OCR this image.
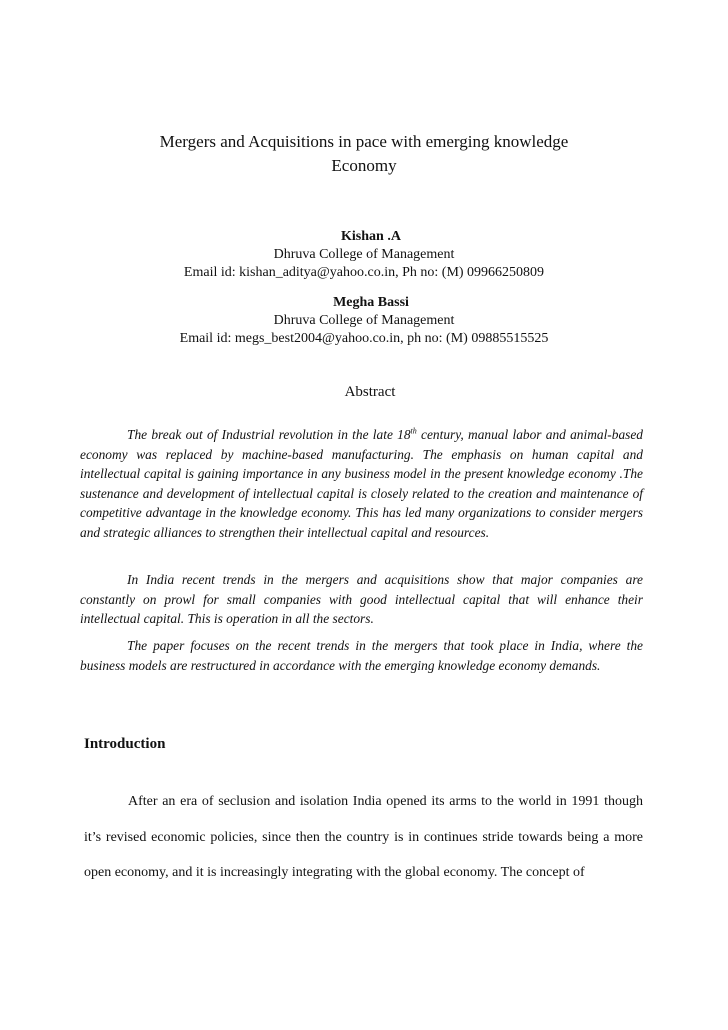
Mergers and Acquisitions in pace with emerging knowledge
Economy
Kishan .A
Dhruva College of Management
Email id: kishan_aditya@yahoo.co.in, Ph no: (M) 09966250809
Megha Bassi
Dhruva College of Management
Email id: megs_best2004@yahoo.co.in, ph no: (M) 09885515525
Abstract

The break out of Industrial revolution in the late 18th century, manual labor and animal-based economy was replaced by machine-based manufacturing. The emphasis on human capital and intellectual capital is gaining importance in any business model in the present knowledge economy .The sustenance and development of intellectual capital is closely related to the creation and maintenance of competitive advantage in the knowledge economy. This has led many organizations to consider mergers and strategic alliances to strengthen their intellectual capital and resources.

In India recent trends in the mergers and acquisitions show that major companies are constantly on prowl for small companies with good intellectual capital that will enhance their intellectual capital. This is operation in all the sectors.

The paper focuses on the recent trends in the mergers that took place in India, where the business models are restructured in accordance with the emerging knowledge economy demands.

Introduction

After an era of seclusion and isolation India opened its arms to the world in 1991 though it’s revised economic policies, since then the country is in continues stride towards being a more open economy, and it is increasingly integrating with the global economy. The concept of
